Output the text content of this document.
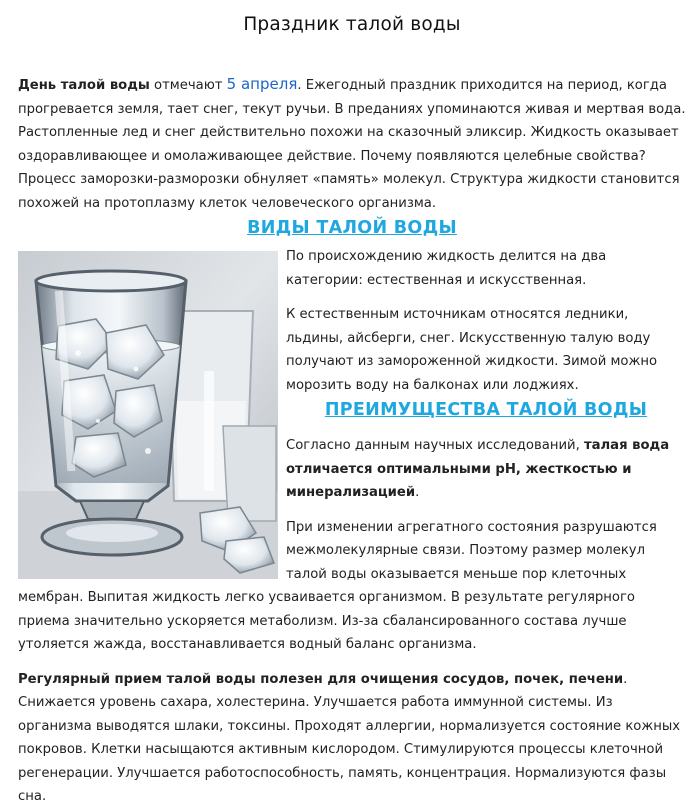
Праздник талой воды

День талой воды отмечают 5 апреля. Ежегодный праздник приходится на период, когда прогревается земля, тает снег, текут ручьи. В преданиях упоминаются живая и мертвая вода. Растопленные лед и снег действительно похожи на сказочный эликсир. Жидкость оказывает оздоравливающее и омолаживающее действие. Почему появляются целебные свойства? Процесс заморозки-разморозки обнуляет «память» молекул. Структура жидкости становится похожей на протоплазму клеток человеческого организма.

ВИДЫ ТАЛОЙ ВОДЫ

По происхождению жидкость делится на два категории: естественная и искусственная.

К естественным источникам относятся ледники, льдины, айсберги, снег. Искусственную талую воду получают из замороженной жидкости. Зимой можно морозить воду на балконах или лоджиях.

ПРЕИМУЩЕСТВА ТАЛОЙ ВОДЫ

Согласно данным научных исследований, талая вода отличается оптимальными pH, жесткостью и минерализацией.

При изменении агрегатного состояния разрушаются межмолекулярные связи. Поэтому размер молекул талой воды оказывается меньше пор клеточных мембран. Выпитая жидкость легко усваивается организмом. В результате регулярного приема значительно ускоряется метаболизм. Из-за сбалансированного состава лучше утоляется жажда, восстанавливается водный баланс организма.

Регулярный прием талой воды полезен для очищения сосудов, почек, печени. Снижается уровень сахара, холестерина. Улучшается работа иммунной системы. Из организма выводятся шлаки, токсины. Проходят аллергии, нормализуется состояние кожных покровов. Клетки насыщаются активным кислородом. Стимулируются процессы клеточной регенерации. Улучшается работоспособность, память, концентрация. Нормализуются фазы сна.
